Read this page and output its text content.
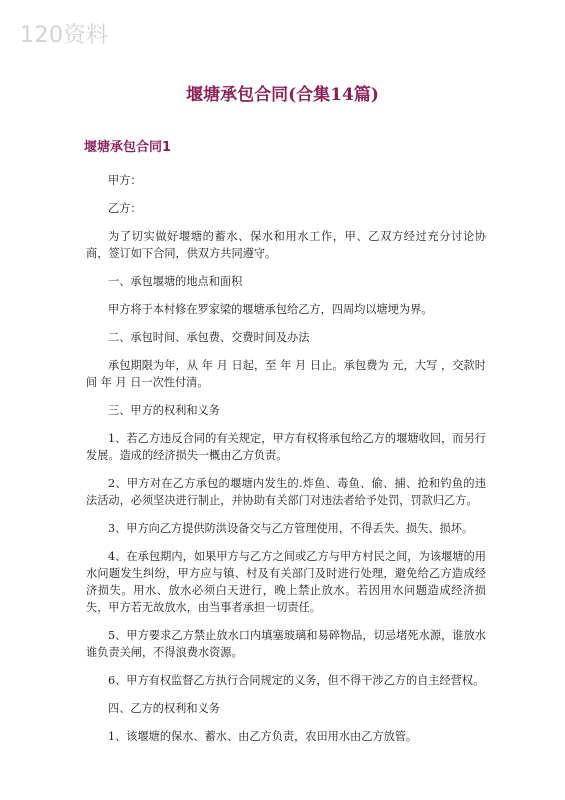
120资料
堰塘承包合同(合集14篇)
堰塘承包合同1

甲方：

乙方：

为了切实做好堰塘的蓄水、保水和用水工作，甲、乙双方经过充分讨论协商，签订如下合同，供双方共同遵守。

一、承包堰塘的地点和面积

甲方将于本村修在罗家梁的堰塘承包给乙方，四周均以塘埂为界。

二、承包时间、承包费、交费时间及办法

承包期限为年，从 年 月 日起，至 年 月 日止。承包费为 元，大写 ，交款时间 年 月 日一次性付清。

三、甲方的权利和义务

1、若乙方违反合同的有关规定，甲方有权将承包给乙方的堰塘收回，而另行发展。造成的经济损失一概由乙方负责。

2、甲方对在乙方承包的堰塘内发生的.炸鱼、毒鱼、偷、捕、抢和钓鱼的违法活动，必须坚决进行制止，并协助有关部门对违法者给予处罚，罚款归乙方。

3、甲方向乙方提供防洪设备交与乙方管理使用，不得丢失、损失、损坏。

4、在承包期内，如果甲方与乙方之间或乙方与甲方村民之间，为该堰塘的用水问题发生纠纷，甲方应与镇、村及有关部门及时进行处理，避免给乙方造成经济损失。用水、放水必须白天进行，晚上禁止放水。若因用水问题造成经济损失，甲方若无故放水，由当事者承担一切责任。

5、甲方要求乙方禁止放水口内填塞玻璃和易碎物品，切忌堵死水源，谁放水谁负责关闸，不得浪费水资源。

6、甲方有权监督乙方执行合同规定的义务，但不得干涉乙方的自主经营权。

四、乙方的权利和义务

1、该堰塘的保水、蓄水、由乙方负责，农田用水由乙方放管。
